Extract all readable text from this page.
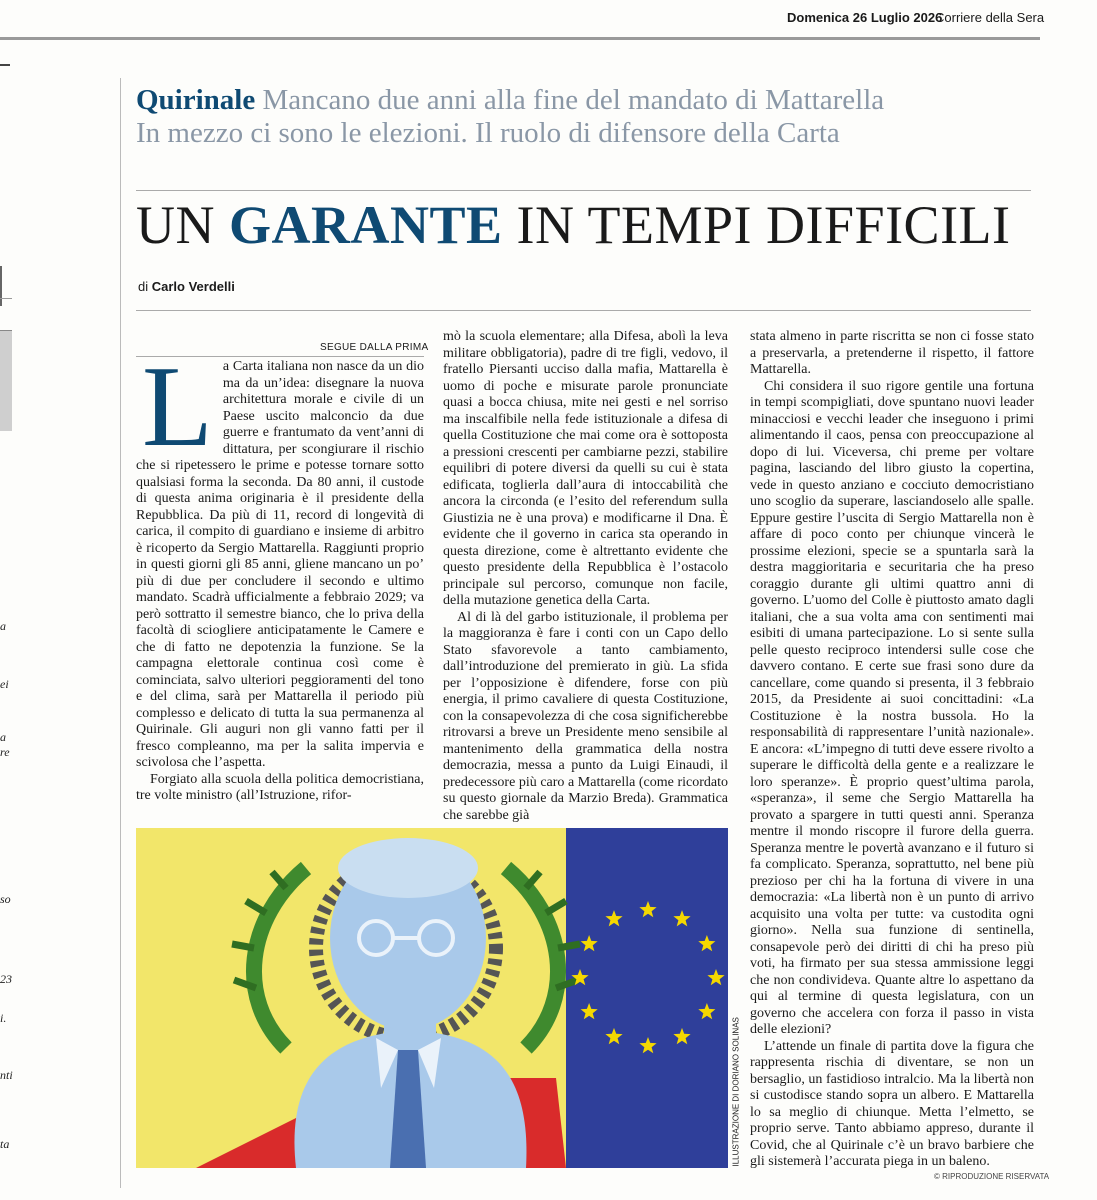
Domenica 26 Luglio 2026
Corriere della Sera
a
ei
a
re
so
23
i.
nti
ta
Quirinale Mancano due anni alla fine del mandato di Mattarella
In mezzo ci sono le elezioni. Il ruolo di difensore della Carta
UN GARANTE IN TEMPI DIFFICILI
di Carlo Verdelli
SEGUE DALLA PRIMA
L a Carta italiana non nasce da un dio ma da un’idea: disegnare la nuova architettura morale e civile di un Paese uscito malconcio da due guerre e frantumato da vent’anni di dittatura, per scongiurare il rischio che si ripetessero le prime e potesse tornare sotto qualsiasi forma la seconda. Da 80 anni, il custode di questa anima originaria è il presidente della Repubblica. Da più di 11, record di longevità di carica, il compito di guardiano e insieme di arbitro è ricoperto da Sergio Mattarella. Raggiunti proprio in questi giorni gli 85 anni, gliene mancano un po’ più di due per concludere il secondo e ultimo mandato. Scadrà ufficialmente a febbraio 2029; va però sottratto il semestre bianco, che lo priva della facoltà di sciogliere anticipatamente le Camere e che di fatto ne depotenzia la funzione. Se la campagna elettorale continua così come è cominciata, salvo ulteriori peggioramenti del tono e del clima, sarà per Mattarella il periodo più complesso e delicato di tutta la sua permanenza al Quirinale. Gli auguri non gli vanno fatti per il fresco compleanno, ma per la salita impervia e scivolosa che l’aspetta.

Forgiato alla scuola della politica democristiana, tre volte ministro (all’Istruzione, rifor-

mò la scuola elementare; alla Difesa, abolì la leva militare obbligatoria), padre di tre figli, vedovo, il fratello Piersanti ucciso dalla mafia, Mattarella è uomo di poche e misurate parole pronunciate quasi a bocca chiusa, mite nei gesti e nel sorriso ma inscalfibile nella fede istituzionale a difesa di quella Costituzione che mai come ora è sottoposta a pressioni crescenti per cambiarne pezzi, stabilire equilibri di potere diversi da quelli su cui è stata edificata, toglierla dall’aura di intoccabilità che ancora la circonda (e l’esito del referendum sulla Giustizia ne è una prova) e modificarne il Dna. È evidente che il governo in carica sta operando in questa direzione, come è altrettanto evidente che questo presidente della Repubblica è l’ostacolo principale sul percorso, comunque non facile, della mutazione genetica della Carta.

Al di là del garbo istituzionale, il problema per la maggioranza è fare i conti con un Capo dello Stato sfavorevole a tanto cambiamento, dall’introduzione del premierato in giù. La sfida per l’opposizione è difendere, forse con più energia, il primo cavaliere di questa Costituzione, con la consapevolezza di che cosa significherebbe ritrovarsi a breve un Presidente meno sensibile al mantenimento della grammatica della nostra democrazia, messa a punto da Luigi Einaudi, il predecessore più caro a Mattarella (come ricordato su questo giornale da Marzio Breda). Grammatica che sarebbe già

stata almeno in parte riscritta se non ci fosse stato a preservarla, a pretenderne il rispetto, il fattore Mattarella.

Chi considera il suo rigore gentile una fortuna in tempi scompigliati, dove spuntano nuovi leader minacciosi e vecchi leader che inseguono i primi alimentando il caos, pensa con preoccupazione al dopo di lui. Viceversa, chi preme per voltare pagina, lasciando del libro giusto la copertina, vede in questo anziano e cocciuto democristiano uno scoglio da superare, lasciandoselo alle spalle. Eppure gestire l’uscita di Sergio Mattarella non è affare di poco conto per chiunque vincerà le prossime elezioni, specie se a spuntarla sarà la destra maggioritaria e securitaria che ha preso coraggio durante gli ultimi quattro anni di governo. L’uomo del Colle è piuttosto amato dagli italiani, che a sua volta ama con sentimenti mai esibiti di umana partecipazione. Lo si sente sulla pelle questo reciproco intendersi sulle cose che davvero contano. E certe sue frasi sono dure da cancellare, come quando si presenta, il 3 febbraio 2015, da Presidente ai suoi concittadini: «La Costituzione è la nostra bussola. Ho la responsabilità di rappresentare l’unità nazionale». E ancora: «L’impegno di tutti deve essere rivolto a superare le difficoltà della gente e a realizzare le loro speranze». È proprio quest’ultima parola, «speranza», il seme che Sergio Mattarella ha provato a spargere in tutti questi anni. Speranza mentre il mondo riscopre il furore della guerra. Speranza mentre le povertà avanzano e il futuro si fa complicato. Speranza, soprattutto, nel bene più prezioso per chi ha la fortuna di vivere in una democrazia: «La libertà non è un punto di arrivo acquisito una volta per tutte: va custodita ogni giorno». Nella sua funzione di sentinella, consapevole però dei diritti di chi ha preso più voti, ha firmato per sua stessa ammissione leggi che non condivideva. Quante altre lo aspettano da qui al termine di questa legislatura, con un governo che accelera con forza il passo in vista delle elezioni?

L’attende un finale di partita dove la figura che rappresenta rischia di diventare, se non un bersaglio, un fastidioso intralcio. Ma la libertà non si custodisce stando sopra un albero. E Mattarella lo sa meglio di chiunque. Metta l’elmetto, se proprio serve. Tanto abbiamo appreso, durante il Covid, che al Quirinale c’è un bravo barbiere che gli sistemerà l’accurata piega in un baleno.

ILLUSTRAZIONE DI DORIANO SOLINAS
© RIPRODUZIONE RISERVATA
